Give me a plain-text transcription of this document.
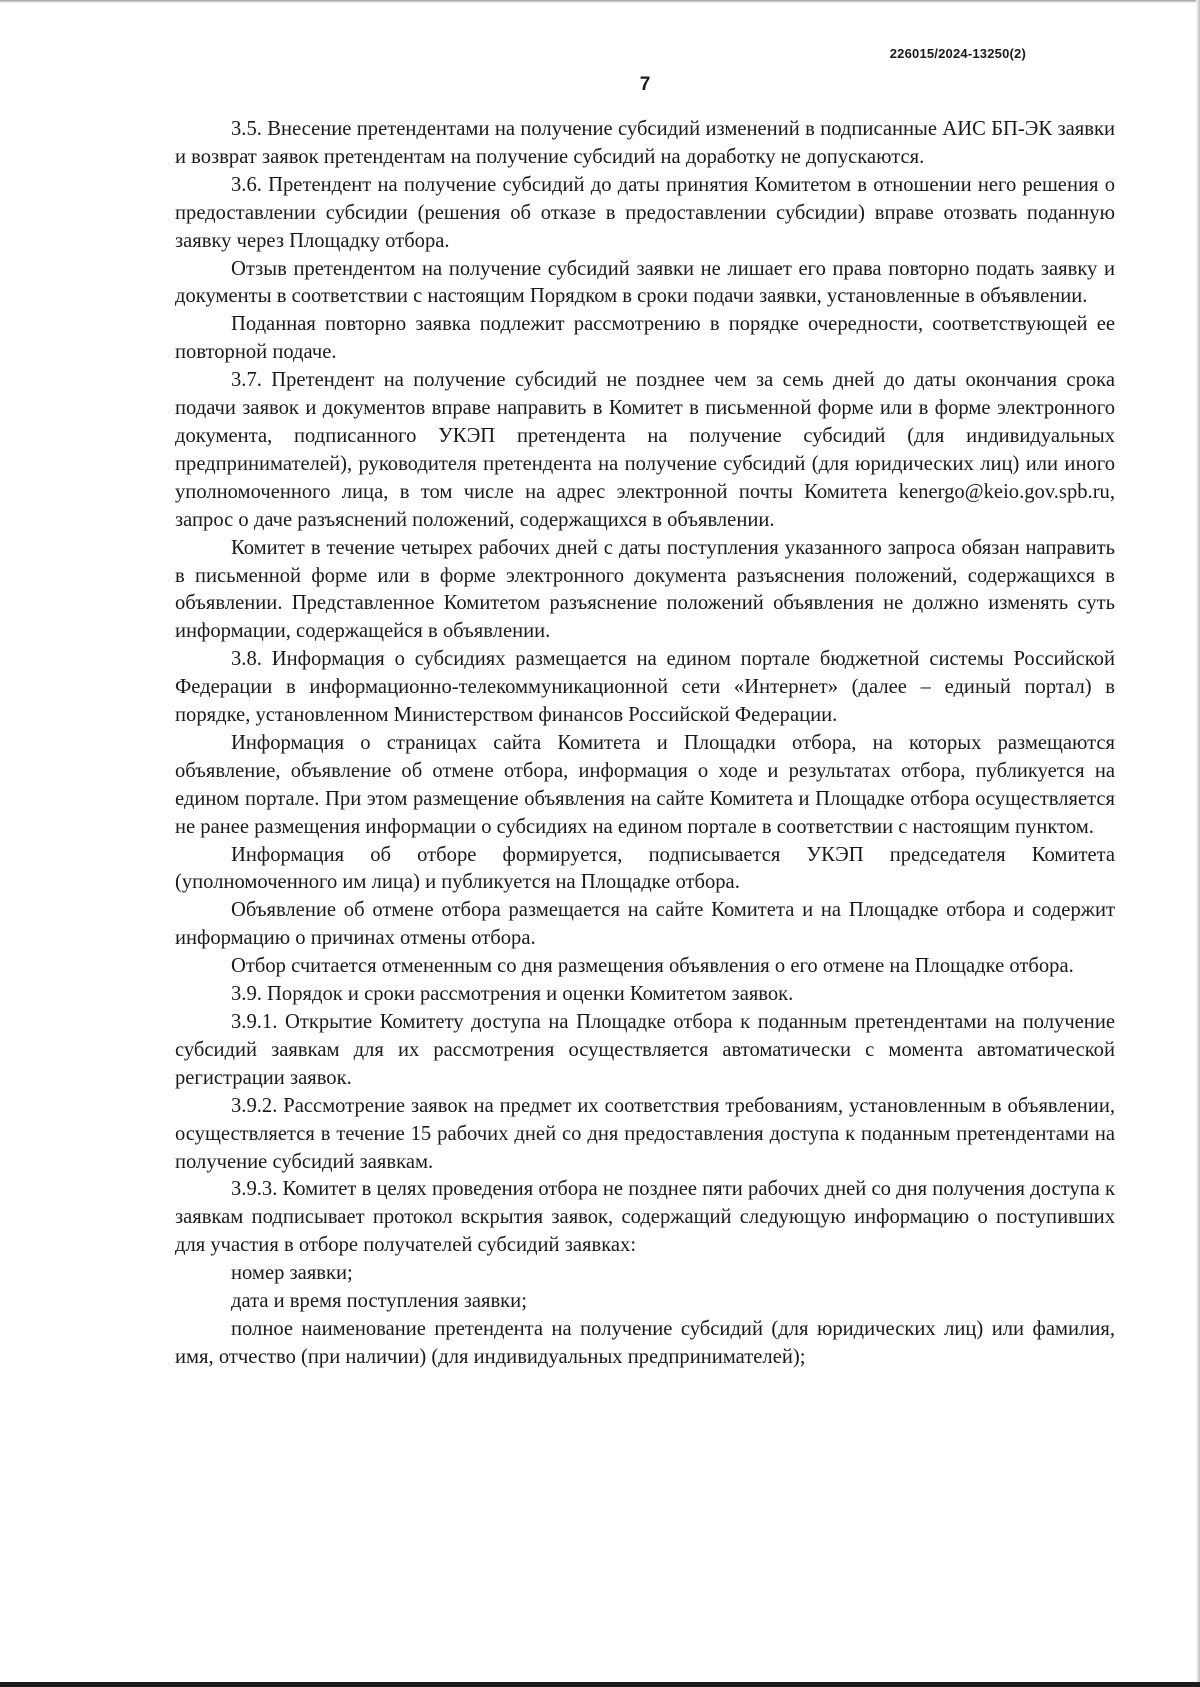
226015/2024-13250(2)
7

3.5. Внесение претендентами на получение субсидий изменений в подписанные АИС БП-ЭК заявки и возврат заявок претендентам на получение субсидий на доработку не допускаются.

3.6. Претендент на получение субсидий до даты принятия Комитетом в отношении него решения о предоставлении субсидии (решения об отказе в предоставлении субсидии) вправе отозвать поданную заявку через Площадку отбора.

Отзыв претендентом на получение субсидий заявки не лишает его права повторно подать заявку и документы в соответствии с настоящим Порядком в сроки подачи заявки, установленные в объявлении.

Поданная повторно заявка подлежит рассмотрению в порядке очередности, соответствующей ее повторной подаче.

3.7. Претендент на получение субсидий не позднее чем за семь дней до даты окончания срока подачи заявок и документов вправе направить в Комитет в письменной форме или в форме электронного документа, подписанного УКЭП претендента на получение субсидий (для индивидуальных предпринимателей), руководителя претендента на получение субсидий (для юридических лиц) или иного уполномоченного лица, в том числе на адрес электронной почты Комитета kenergo@keio.gov.spb.ru, запрос о даче разъяснений положений, содержащихся в объявлении.

Комитет в течение четырех рабочих дней с даты поступления указанного запроса обязан направить в письменной форме или в форме электронного документа разъяснения положений, содержащихся в объявлении. Представленное Комитетом разъяснение положений объявления не должно изменять суть информации, содержащейся в объявлении.

3.8. Информация о субсидиях размещается на едином портале бюджетной системы Российской Федерации в информационно-телекоммуникационной сети «Интернет» (далее – единый портал) в порядке, установленном Министерством финансов Российской Федерации.

Информация о страницах сайта Комитета и Площадки отбора, на которых размещаются объявление, объявление об отмене отбора, информация о ходе и результатах отбора, публикуется на едином портале. При этом размещение объявления на сайте Комитета и Площадке отбора осуществляется не ранее размещения информации о субсидиях на едином портале в соответствии с настоящим пунктом.

Информация об отборе формируется, подписывается УКЭП председателя Комитета (уполномоченного им лица) и публикуется на Площадке отбора.

Объявление об отмене отбора размещается на сайте Комитета и на Площадке отбора и содержит информацию о причинах отмены отбора.

Отбор считается отмененным со дня размещения объявления о его отмене на Площадке отбора.

3.9. Порядок и сроки рассмотрения и оценки Комитетом заявок.

3.9.1. Открытие Комитету доступа на Площадке отбора к поданным претендентами на получение субсидий заявкам для их рассмотрения осуществляется автоматически с момента автоматической регистрации заявок.

3.9.2. Рассмотрение заявок на предмет их соответствия требованиям, установленным в объявлении, осуществляется в течение 15 рабочих дней со дня предоставления доступа к поданным претендентами на получение субсидий заявкам.

3.9.3. Комитет в целях проведения отбора не позднее пяти рабочих дней со дня получения доступа к заявкам подписывает протокол вскрытия заявок, содержащий следующую информацию о поступивших для участия в отборе получателей субсидий заявках:

номер заявки;

дата и время поступления заявки;

полное наименование претендента на получение субсидий (для юридических лиц) или фамилия, имя, отчество (при наличии) (для индивидуальных предпринимателей);
